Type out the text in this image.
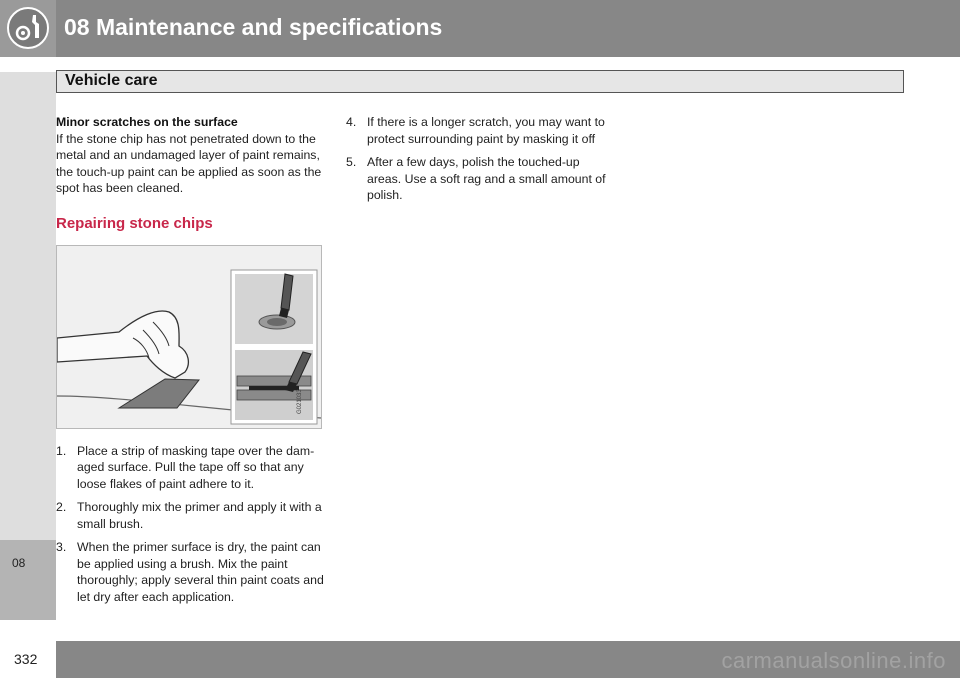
08 Maintenance and specifications
Vehicle care
08

Minor scratches on the surface

If the stone chip has not penetrated down to the metal and an undamaged layer of paint remains, the touch-up paint can be applied as soon as the spot has been cleaned.

Repairing stone chips

G021033
1. Place a strip of masking tape over the dam-aged surface. Pull the tape off so that any loose flakes of paint adhere to it.
2. Thoroughly mix the primer and apply it with a small brush.
3. When the primer surface is dry, the paint can be applied using a brush. Mix the paint thoroughly; apply several thin paint coats and let dry after each application.
4. If there is a longer scratch, you may want to protect surrounding paint by masking it off
5. After a few days, polish the touched-up areas. Use a soft rag and a small amount of polish.
332	carmanualsonline.info
